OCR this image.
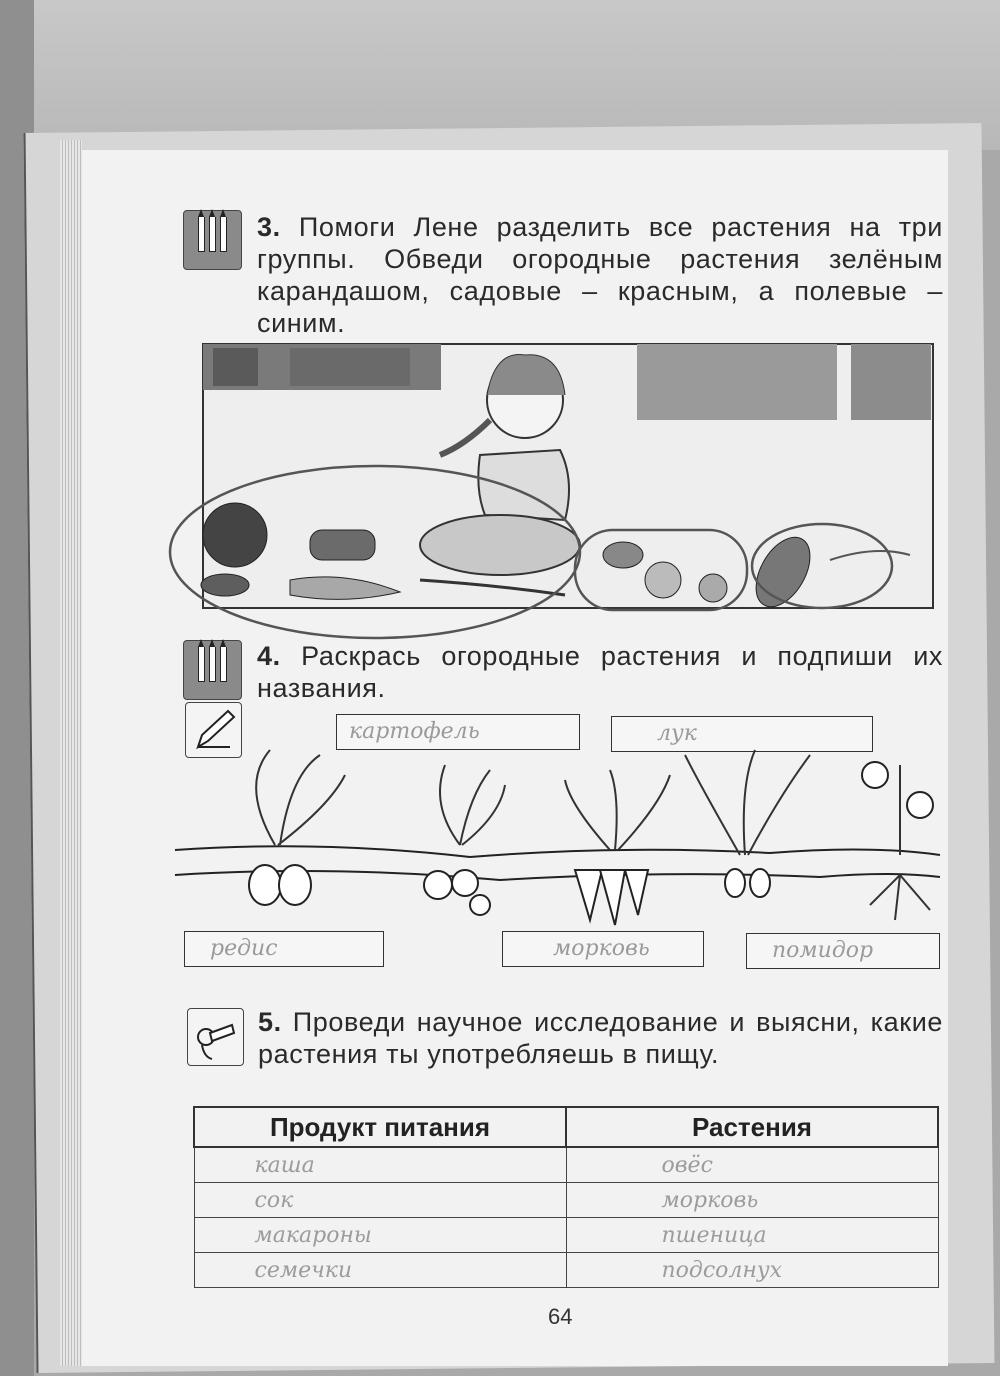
3. Помоги Лене разделить все растения на три группы. Обведи огородные растения зелёным карандашом, садовые – красным, а полевые – синим.
4. Раскрась огородные растения и подпиши их названия.
картофель	лук
редис	морковь	помидор
5. Проведи научное исследование и выясни, какие растения ты употребляешь в пищу.
Продукт питания	Растения
каша	овёс
сок	морковь
макароны	пшеница
семечки	подсолнух
64
